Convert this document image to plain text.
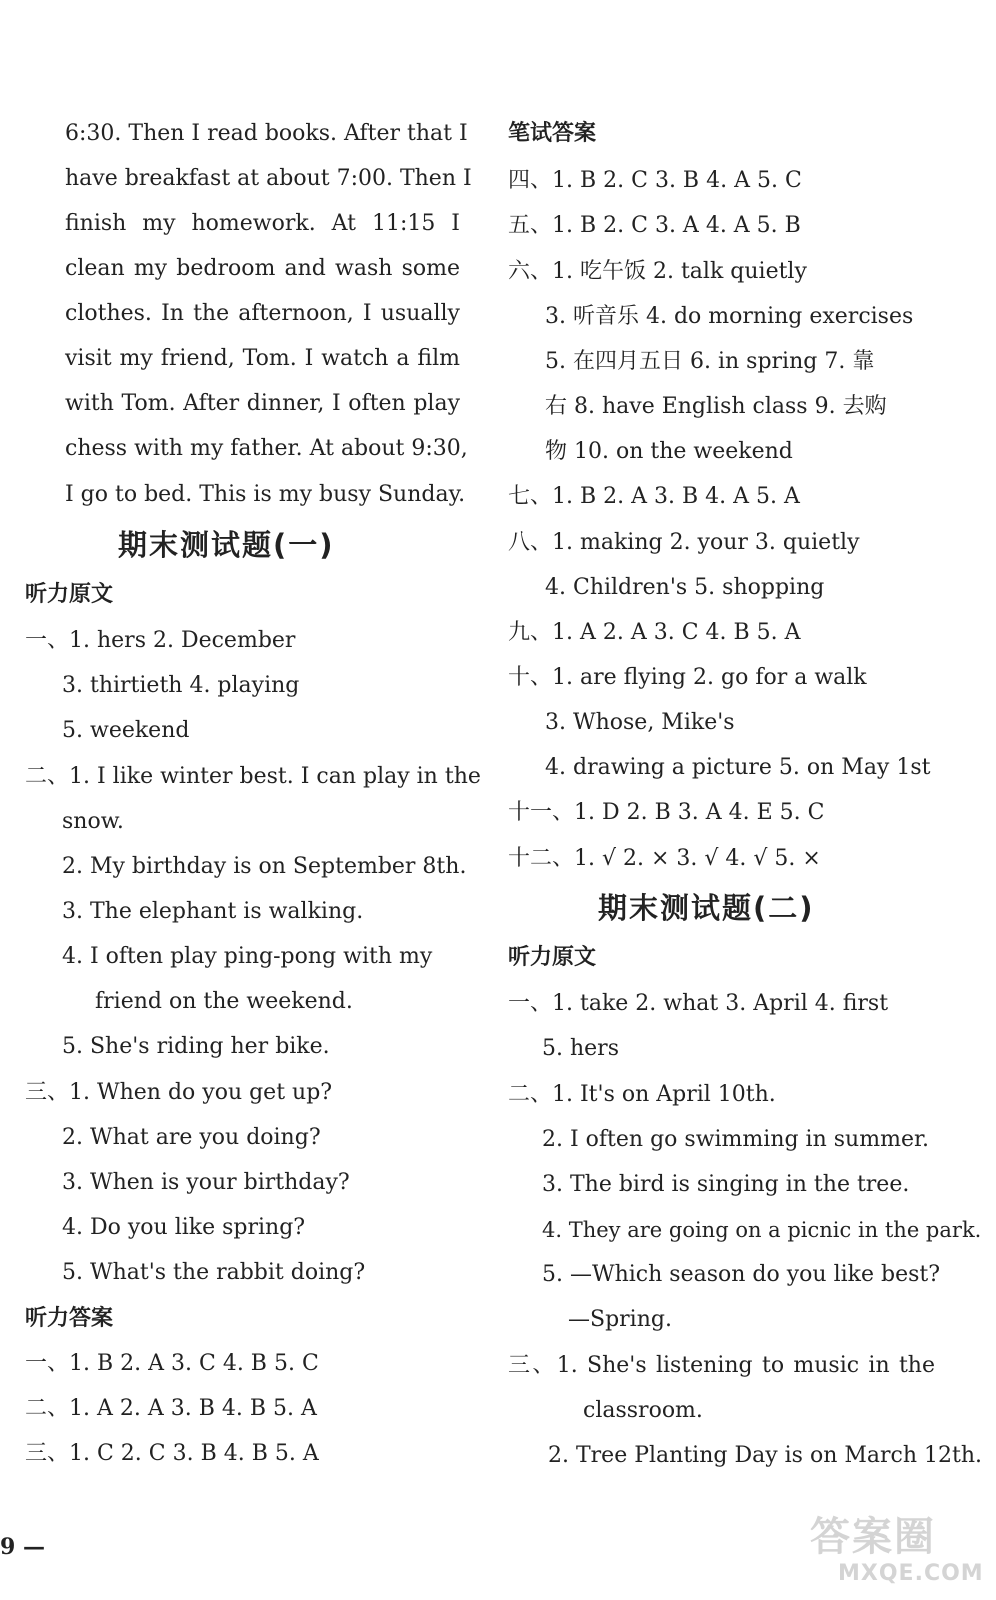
6:30. Then I read books. After that I
have breakfast at about 7:00. Then I
finish my homework. At 11:15 I
clean my bedroom and wash some
clothes. In the afternoon, I usually
visit my friend, Tom. I watch a film
with Tom. After dinner, I often play
chess with my father. At about 9:30,
I go to bed. This is my busy Sunday.
期末测试题(一)
听力原文
一、1. hers 2. December
3. thirtieth 4. playing
5. weekend
二、1. I like winter best. I can play in the
snow.
2. My birthday is on September 8th.
3. The elephant is walking.
4. I often play ping-pong with my
friend on the weekend.
5. She's riding her bike.
三、1. When do you get up?
2. What are you doing?
3. When is your birthday?
4. Do you like spring?
5. What's the rabbit doing?
听力答案
一、1. B 2. A 3. C 4. B 5. C
二、1. A 2. A 3. B 4. B 5. A
三、1. C 2. C 3. B 4. B 5. A
笔试答案
四、1. B 2. C 3. B 4. A 5. C
五、1. B 2. C 3. A 4. A 5. B
六、1. 吃午饭 2. talk quietly
3. 听音乐 4. do morning exercises
5. 在四月五日 6. in spring 7. 靠
右 8. have English class 9. 去购
物 10. on the weekend
七、1. B 2. A 3. B 4. A 5. A
八、1. making 2. your 3. quietly
4. Children's 5. shopping
九、1. A 2. A 3. C 4. B 5. A
十、1. are flying 2. go for a walk
3. Whose, Mike's
4. drawing a picture 5. on May 1st
十一、1. D 2. B 3. A 4. E 5. C
十二、1. √ 2. × 3. √ 4. √ 5. ×
期末测试题(二)
听力原文
一、1. take 2. what 3. April 4. first
5. hers
二、1. It's on April 10th.
2. I often go swimming in summer.
3. The bird is singing in the tree.
4. They are going on a picnic in the park.
5. —Which season do you like best?
—Spring.
三、1. She's listening to music in the
classroom.
2. Tree Planting Day is on March 12th.
9 —	答案圈
MXQE.COM
